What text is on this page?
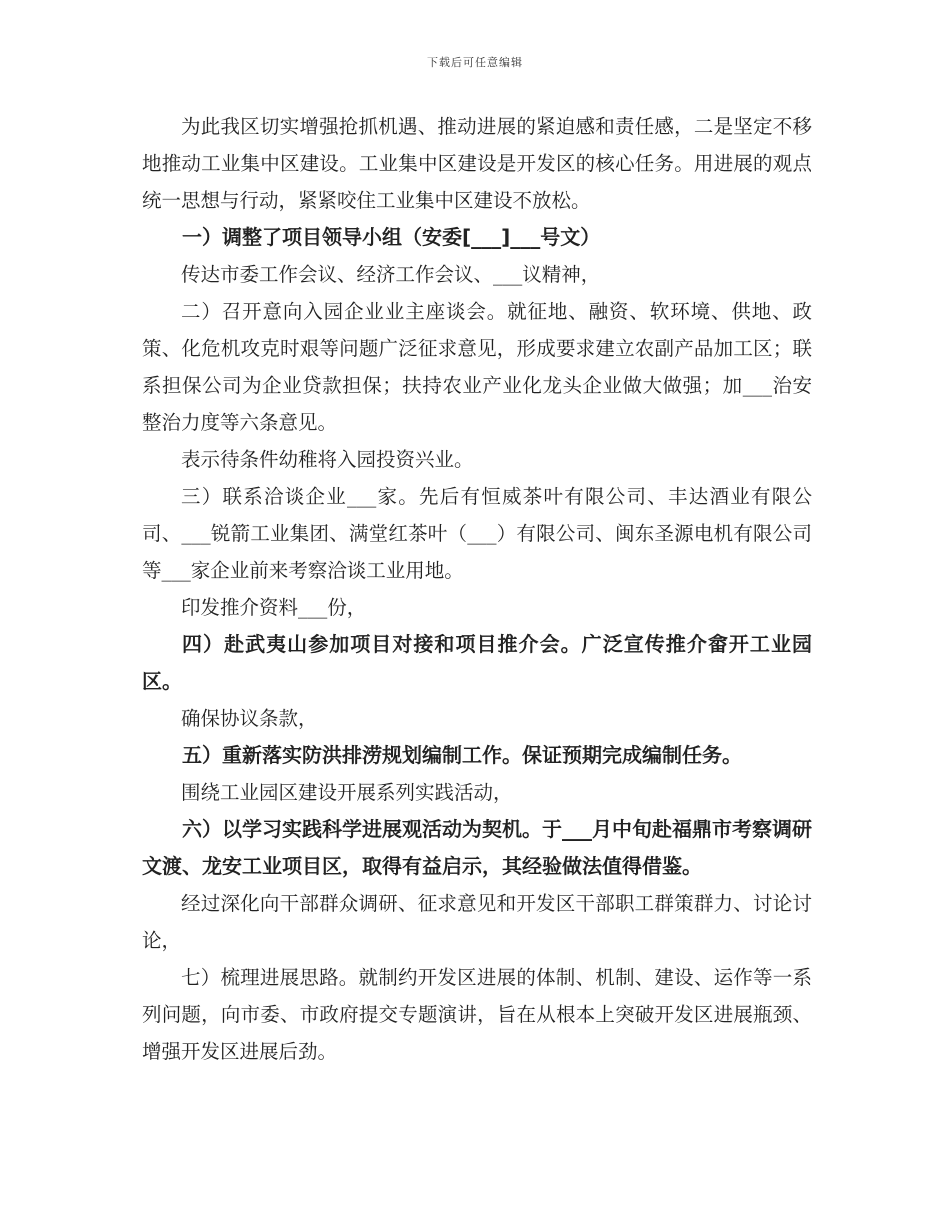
下载后可任意编辑

为此我区切实增强抢抓机遇、推动进展的紧迫感和责任感，二是坚定不移地推动工业集中区建设。工业集中区建设是开发区的核心任务。用进展的观点统一思想与行动，紧紧咬住工业集中区建设不放松。

一）调整了项目领导小组（安委[___]___号文）

传达市委工作会议、经济工作会议、___议精神，

二）召开意向入园企业业主座谈会。就征地、融资、软环境、供地、政策、化危机攻克时艰等问题广泛征求意见，形成要求建立农副产品加工区；联系担保公司为企业贷款担保；扶持农业产业化龙头企业做大做强；加___治安整治力度等六条意见。

表示待条件幼稚将入园投资兴业。

三）联系洽谈企业___家。先后有恒威茶叶有限公司、丰达酒业有限公司、___锐箭工业集团、满堂红茶叶（___）有限公司、闽东圣源电机有限公司等___家企业前来考察洽谈工业用地。

印发推介资料___份，

四）赴武夷山参加项目对接和项目推介会。广泛宣传推介畲开工业园区。

确保协议条款，

五）重新落实防洪排涝规划编制工作。保证预期完成编制任务。

围绕工业园区建设开展系列实践活动，

六）以学习实践科学进展观活动为契机。于___月中旬赴福鼎市考察调研文渡、龙安工业项目区，取得有益启示，其经验做法值得借鉴。

经过深化向干部群众调研、征求意见和开发区干部职工群策群力、讨论讨论，

七）梳理进展思路。就制约开发区进展的体制、机制、建设、运作等一系列问题，向市委、市政府提交专题演讲，旨在从根本上突破开发区进展瓶颈、增强开发区进展后劲。
